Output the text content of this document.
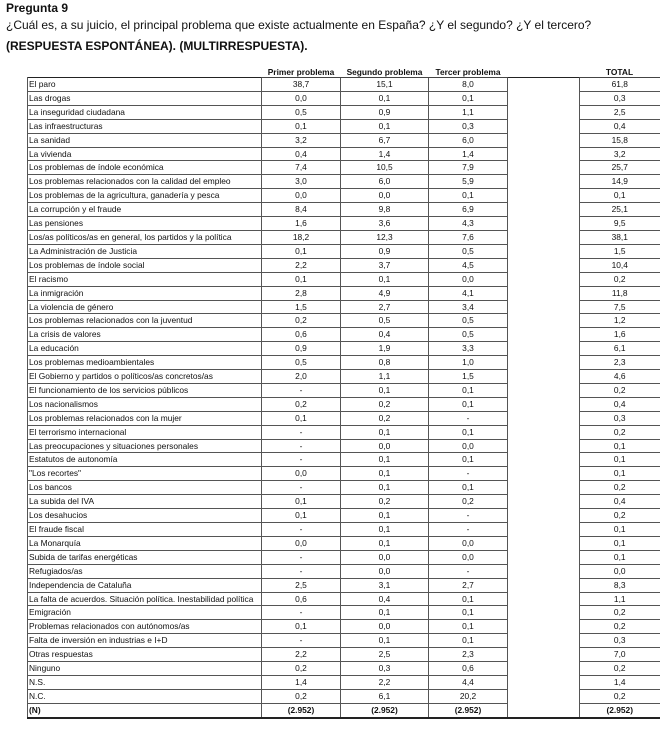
Pregunta 9
¿Cuál es, a su juicio, el principal problema que existe actualmente en España? ¿Y el segundo? ¿Y el tercero?
(RESPUESTA ESPONTÁNEA). (MULTIRRESPUESTA).
	Primer problema	Segundo problema	Tercer problema		TOTAL
El paro	38,7	15,1	8,0		61,8
Las drogas	0,0	0,1	0,1		0,3
La inseguridad ciudadana	0,5	0,9	1,1		2,5
Las infraestructuras	0,1	0,1	0,3		0,4
La sanidad	3,2	6,7	6,0		15,8
La vivienda	0,4	1,4	1,4		3,2
Los problemas de índole económica	7,4	10,5	7,9		25,7
Los problemas relacionados con la calidad del empleo	3,0	6,0	5,9		14,9
Los problemas de la agricultura, ganadería y pesca	0,0	0,0	0,1		0,1
La corrupción y el fraude	8,4	9,8	6,9		25,1
Las pensiones	1,6	3,6	4,3		9,5
Los/as políticos/as en general, los partidos y la política	18,2	12,3	7,6		38,1
La Administración de Justicia	0,1	0,9	0,5		1,5
Los problemas de índole social	2,2	3,7	4,5		10,4
El racismo	0,1	0,1	0,0		0,2
La inmigración	2,8	4,9	4,1		11,8
La violencia de género	1,5	2,7	3,4		7,5
Los problemas relacionados con la juventud	0,2	0,5	0,5		1,2
La crisis de valores	0,6	0,4	0,5		1,6
La educación	0,9	1,9	3,3		6,1
Los problemas medioambientales	0,5	0,8	1,0		2,3
El Gobierno y partidos o políticos/as concretos/as	2,0	1,1	1,5		4,6
El funcionamiento de los servicios públicos	-	0,1	0,1		0,2
Los nacionalismos	0,2	0,2	0,1		0,4
Los problemas relacionados con la mujer	0,1	0,2	-		0,3
El terrorismo internacional	-	0,1	0,1		0,2
Las preocupaciones y situaciones personales	-	0,0	0,0		0,1
Estatutos de autonomía	-	0,1	0,1		0,1
"Los recortes"	0,0	0,1	-		0,1
Los bancos	-	0,1	0,1		0,2
La subida del IVA	0,1	0,2	0,2		0,4
Los desahucios	0,1	0,1	-		0,2
El fraude fiscal	-	0,1	-		0,1
La Monarquía	0,0	0,1	0,0		0,1
Subida de tarifas energéticas	-	0,0	0,0		0,1
Refugiados/as	-	0,0	-		0,0
Independencia de Cataluña	2,5	3,1	2,7		8,3
La falta de acuerdos. Situación política. Inestabilidad política	0,6	0,4	0,1		1,1
Emigración	-	0,1	0,1		0,2
Problemas relacionados con autónomos/as	0,1	0,0	0,1		0,2
Falta de inversión en industrias e I+D	-	0,1	0,1		0,3
Otras respuestas	2,2	2,5	2,3		7,0
Ninguno	0,2	0,3	0,6		0,2
N.S.	1,4	2,2	4,4		1,4
N.C.	0,2	6,1	20,2		0,2
(N)	(2.952)	(2.952)	(2.952)		(2.952)
